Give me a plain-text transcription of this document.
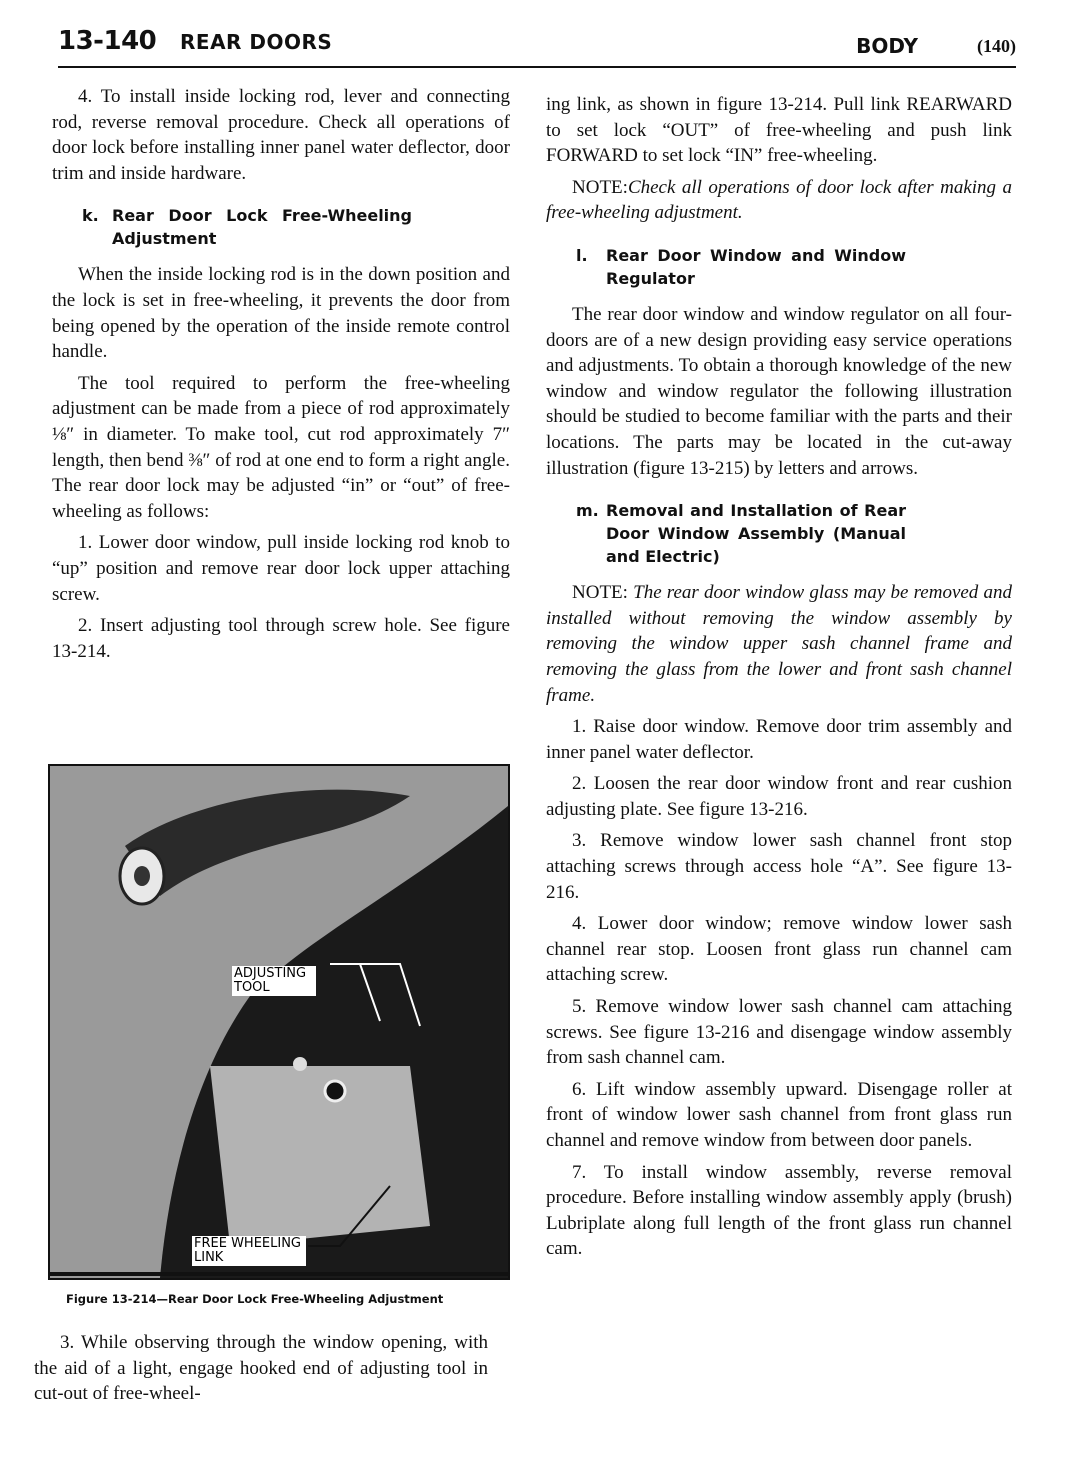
13-140 REAR DOORS	BODY	(140)

4. To install inside locking rod, lever and connecting rod, reverse removal procedure. Check all operations of door lock before installing inner panel water deflector, door trim and inside hardware.

k. Rear Door Lock Free-Wheeling Adjustment

When the inside locking rod is in the down position and the lock is set in free-wheeling, it prevents the door from being opened by the operation of the inside remote control handle.

The tool required to perform the free-wheeling adjustment can be made from a piece of rod approximately ⅛″ in diameter. To make tool, cut rod approximately 7″ length, then bend ⅜″ of rod at one end to form a right angle. The rear door lock may be adjusted “in” or “out” of free-wheeling as follows:

1. Lower door window, pull inside locking rod knob to “up” position and remove rear door lock upper attaching screw.

2. Insert adjusting tool through screw hole. See figure 13-214.

ADJUSTING TOOL
FREE WHEELING LINK
Figure 13-214—Rear Door Lock Free-Wheeling Adjustment

3. While observing through the window opening, with the aid of a light, engage hooked end of adjusting tool in cut-out of free-wheel-

ing link, as shown in figure 13-214. Pull link REARWARD to set lock “OUT” of free-wheeling and push link FORWARD to set lock “IN” free-wheeling.

NOTE:Check all operations of door lock after making a free-wheeling adjustment.

l.	Rear Door Window and Window Regulator

The rear door window and window regulator on all four-doors are of a new design providing easy service operations and adjustments. To obtain a thorough knowledge of the new window and window regulator the following illustration should be studied to become familiar with the parts and their locations. The parts may be located in the cut-away illustration (figure 13-215) by letters and arrows.

m. Removal and Installation of Rear Door Window Assembly (Manual and Electric)

NOTE: The rear door window glass may be removed and installed without removing the window assembly by removing the window upper sash channel frame and removing the glass from the lower and front sash channel frame.

1. Raise door window. Remove door trim assembly and inner panel water deflector.

2. Loosen the rear door window front and rear cushion adjusting plate. See figure 13-216.

3. Remove window lower sash channel front stop attaching screws through access hole “A”. See figure 13-216.

4. Lower door window; remove window lower sash channel rear stop. Loosen front glass run channel cam attaching screw.

5. Remove window lower sash channel cam attaching screws. See figure 13-216 and disengage window assembly from sash channel cam.

6. Lift window assembly upward. Disengage roller at front of window lower sash channel from front glass run channel and remove window from between door panels.

7. To install window assembly, reverse removal procedure. Before installing window assembly apply (brush) Lubriplate along full length of the front glass run channel cam.
